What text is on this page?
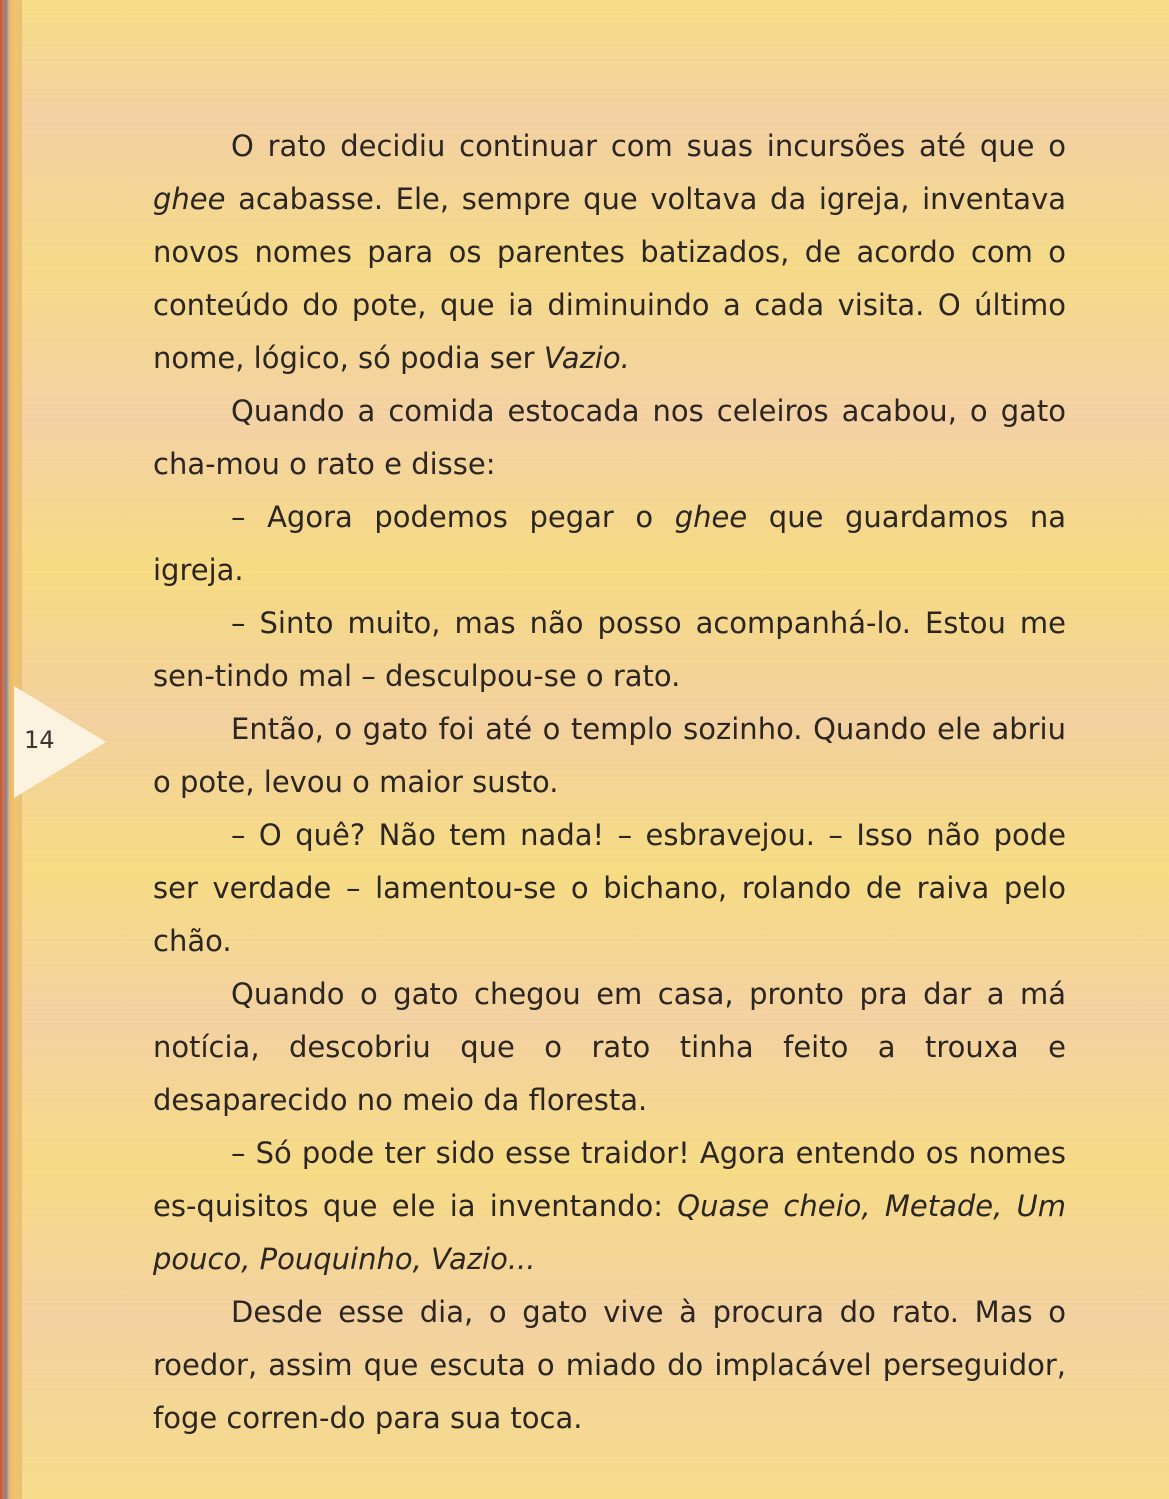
14

O rato decidiu continuar com suas incursões até que o ghee acabasse. Ele, sempre que voltava da igreja, inventava novos nomes para os parentes batizados, de acordo com o conteúdo do pote, que ia diminuindo a cada visita. O último nome, lógico, só podia ser Vazio.

Quando a comida estocada nos celeiros acabou, o gato cha-mou o rato e disse:

– Agora podemos pegar o ghee que guardamos na igreja.

– Sinto muito, mas não posso acompanhá-lo. Estou me sen-tindo mal – desculpou-se o rato.

Então, o gato foi até o templo sozinho. Quando ele abriu o pote, levou o maior susto.

– O quê? Não tem nada! – esbravejou. – Isso não pode ser verdade – lamentou-se o bichano, rolando de raiva pelo chão.

Quando o gato chegou em casa, pronto pra dar a má notícia, descobriu que o rato tinha feito a trouxa e desaparecido no meio da floresta.

– Só pode ter sido esse traidor! Agora entendo os nomes es-quisitos que ele ia inventando: Quase cheio, Metade, Um pouco, Pouquinho, Vazio...

Desde esse dia, o gato vive à procura do rato. Mas o roedor, assim que escuta o miado do implacável perseguidor, foge corren-do para sua toca.
